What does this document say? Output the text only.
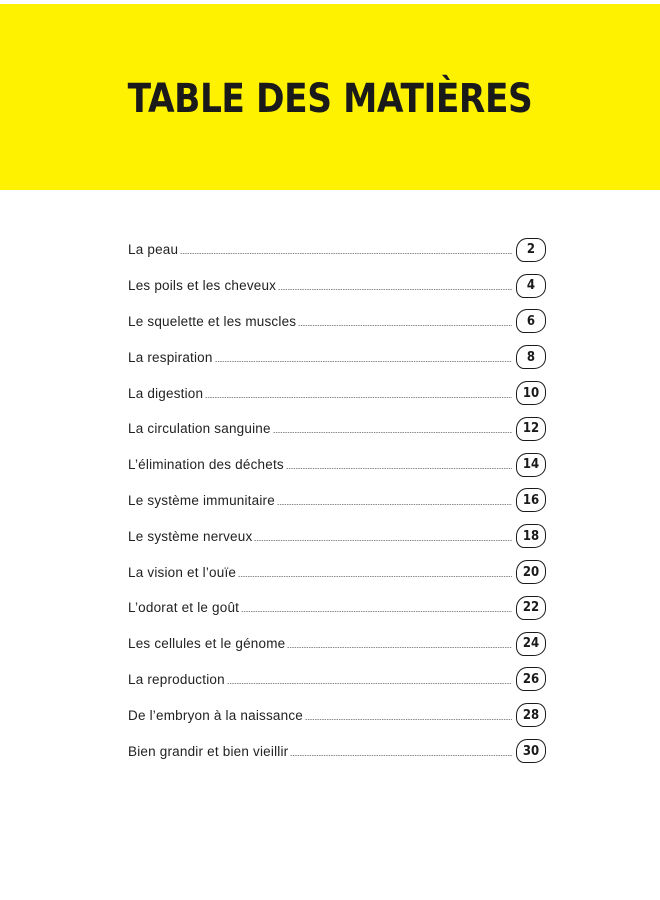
TABLE DES MATIÈRES
La peau	2
Les poils et les cheveux	4
Le squelette et les muscles	6
La respiration	8
La digestion	10
La circulation sanguine	12
L’élimination des déchets	14
Le système immunitaire	16
Le système nerveux	18
La vision et l’ouïe	20
L’odorat et le goût	22
Les cellules et le génome	24
La reproduction	26
De l’embryon à la naissance	28
Bien grandir et bien vieillir	30
